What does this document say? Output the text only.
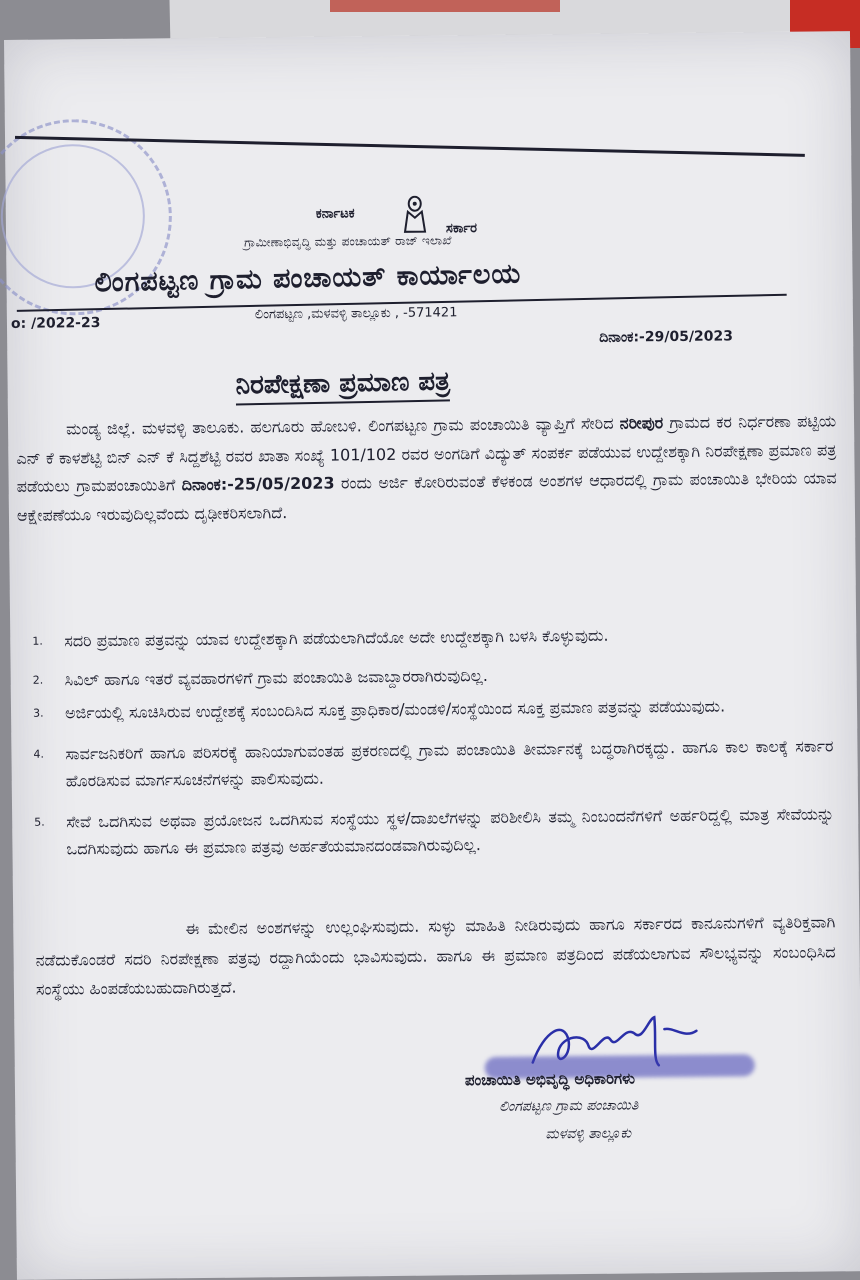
ಕರ್ನಾಟಕ
ಸರ್ಕಾರ
ಗ್ರಾಮೀಣಾಭಿವೃದ್ಧಿ ಮತ್ತು ಪಂಚಾಯತ್ ರಾಜ್ ಇಲಾಖೆ
ಲಿಂಗಪಟ್ಟಣ ಗ್ರಾಮ ಪಂಚಾಯತ್ ಕಾರ್ಯಾಲಯ
ಲಿಂಗಪಟ್ಟಣ ,ಮಳವಳ್ಳಿ ತಾಲ್ಲೂಕು , -571421
o: /2022-23
ದಿನಾಂಕ:-29/05/2023
ನಿರಪೇಕ್ಷಣಾ ಪ್ರಮಾಣ ಪತ್ರ
ಮಂಡ್ಯ ಜಿಲ್ಲೆ. ಮಳವಳ್ಳಿ ತಾಲೂಕು. ಹಲಗೂರು ಹೋಬಳಿ. ಲಿಂಗಪಟ್ಟಣ ಗ್ರಾಮ ಪಂಚಾಯಿತಿ ವ್ಯಾಪ್ತಿಗೆ ಸೇರಿದ ನರೀಪುರ ಗ್ರಾಮದ ಕರ ನಿರ್ಧರಣಾ ಪಟ್ಟಿಯ ಎನ್ ಕೆ ಕಾಳಶೆಟ್ಟಿ ಬಿನ್ ಎನ್ ಕೆ ಸಿದ್ದಶೆಟ್ಟಿ ರವರ ಖಾತಾ ಸಂಖ್ಯೆ 101/102 ರವರ ಅಂಗಡಿಗೆ ವಿದ್ಯುತ್ ಸಂಪರ್ಕ ಪಡೆಯುವ ಉದ್ದೇಶಕ್ಕಾಗಿ ನಿರಪೇಕ್ಷಣಾ ಪ್ರಮಾಣ ಪತ್ರ ಪಡೆಯಲು ಗ್ರಾಮಪಂಚಾಯಿತಿಗೆ ದಿನಾಂಕ:-25/05/2023 ರಂದು ಅರ್ಜಿ ಕೋರಿರುವಂತೆ ಕೆಳಕಂಡ ಅಂಶಗಳ ಆಧಾರದಲ್ಲಿ ಗ್ರಾಮ ಪಂಚಾಯಿತಿ ಭೇರಿಯ ಯಾವ ಆಕ್ಷೇಪಣೆಯೂ ಇರುವುದಿಲ್ಲವೆಂದು ದೃಢೀಕರಿಸಲಾಗಿದೆ.
1. ಸದರಿ ಪ್ರಮಾಣ ಪತ್ರವನ್ನು ಯಾವ ಉದ್ದೇಶಕ್ಕಾಗಿ ಪಡೆಯಲಾಗಿದೆಯೋ ಅದೇ ಉದ್ದೇಶಕ್ಕಾಗಿ ಬಳಸಿ ಕೊಳ್ಳುವುದು.
2. ಸಿವಿಲ್ ಹಾಗೂ ಇತರೆ ವ್ಯವಹಾರಗಳಿಗೆ ಗ್ರಾಮ ಪಂಚಾಯಿತಿ ಜವಾಬ್ದಾರರಾಗಿರುವುದಿಲ್ಲ.
3. ಅರ್ಜಿಯಲ್ಲಿ ಸೂಚಿಸಿರುವ ಉದ್ದೇಶಕ್ಕೆ ಸಂಬಂದಿಸಿದ ಸೂಕ್ತ ಪ್ರಾಧಿಕಾರ/ಮಂಡಳಿ/ಸಂಸ್ಥೆಯಿಂದ ಸೂಕ್ತ ಪ್ರಮಾಣ ಪತ್ರವನ್ನು ಪಡೆಯುವುದು.
4. ಸಾರ್ವಜನಿಕರಿಗೆ ಹಾಗೂ ಪರಿಸರಕ್ಕೆ ಹಾನಿಯಾಗುವಂತಹ ಪ್ರಕರಣದಲ್ಲಿ ಗ್ರಾಮ ಪಂಚಾಯಿತಿ ತೀರ್ಮಾನಕ್ಕೆ ಬದ್ಧರಾಗಿರಕ್ಕದ್ದು. ಹಾಗೂ ಕಾಲ ಕಾಲಕ್ಕೆ ಸರ್ಕಾರ ಹೊರಡಿಸುವ ಮಾರ್ಗಸೂಚನೆಗಳನ್ನು ಪಾಲಿಸುವುದು.
5. ಸೇವೆ ಒದಗಿಸುವ ಅಥವಾ ಪ್ರಯೋಜನ ಒದಗಿಸುವ ಸಂಸ್ಥೆಯು ಸ್ಥಳ/ದಾಖಲೆಗಳನ್ನು ಪರಿಶೀಲಿಸಿ ತಮ್ಮ ನಿಂಬಂದನೆಗಳಿಗೆ ಅರ್ಹರಿದ್ದಲ್ಲಿ ಮಾತ್ರ ಸೇವೆಯನ್ನು ಒದಗಿಸುವುದು ಹಾಗೂ ಈ ಪ್ರಮಾಣ ಪತ್ರವು ಅರ್ಹತೆಯಮಾನದಂಡವಾಗಿರುವುದಿಲ್ಲ.
ಈ ಮೇಲಿನ ಅಂಶಗಳನ್ನು ಉಲ್ಲಂಘಿಸುವುದು. ಸುಳ್ಳು ಮಾಹಿತಿ ನೀಡಿರುವುದು ಹಾಗೂ ಸರ್ಕಾರದ ಕಾನೂನುಗಳಿಗೆ ವ್ಯತಿರಿಕ್ತವಾಗಿ ನಡೆದುಕೊಂಡರೆ ಸದರಿ ನಿರಪೇಕ್ಷಣಾ ಪತ್ರವು ರದ್ದಾಗಿಯೆಂದು ಭಾವಿಸುವುದು. ಹಾಗೂ ಈ ಪ್ರಮಾಣ ಪತ್ರದಿಂದ ಪಡೆಯಲಾಗುವ ಸೌಲಭ್ಯವನ್ನು ಸಂಬಂಧಿಸಿದ ಸಂಸ್ಥೆಯು ಹಿಂಪಡೆಯಬಹುದಾಗಿರುತ್ತದೆ.
ಪಂಚಾಯಿತಿ ಅಭಿವೃದ್ಧಿ ಅಧಿಕಾರಿಗಳು
ಲಿಂಗಪಟ್ಟಣ ಗ್ರಾಮ ಪಂಚಾಯಿತಿ
ಮಳವಳ್ಳಿ ತಾಲ್ಲೂಕು
